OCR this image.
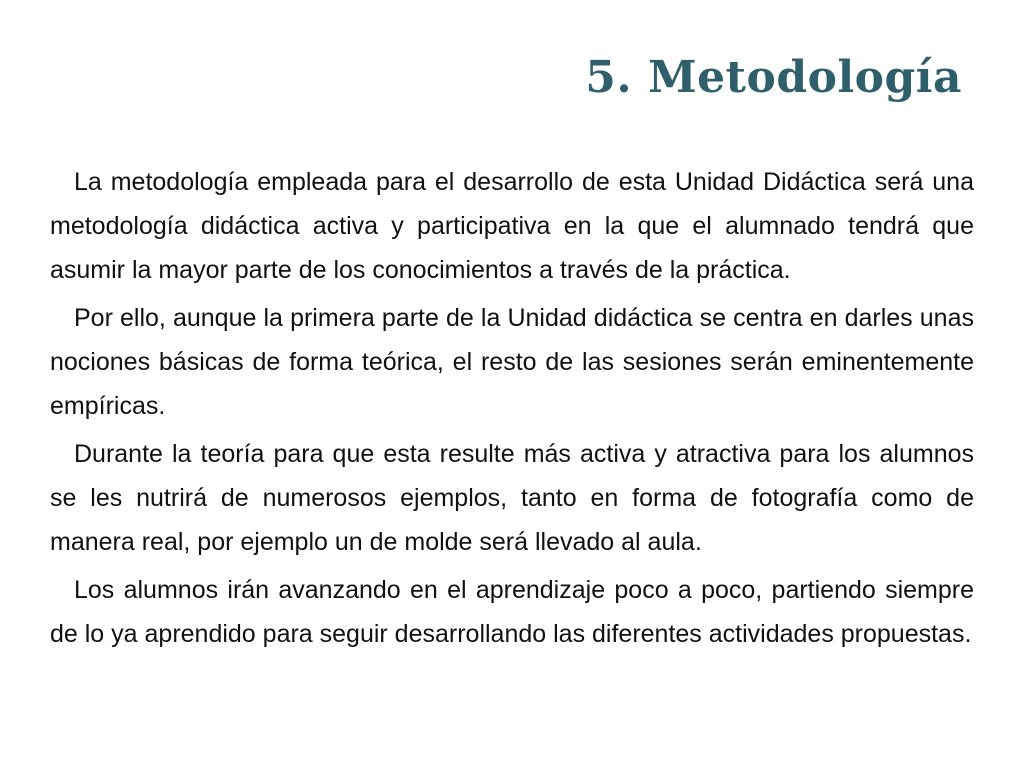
5. Metodología

La metodología empleada para el desarrollo de esta Unidad Didáctica será una metodología didáctica activa y participativa en la que el alumnado tendrá que asumir la mayor parte de los conocimientos a través de la práctica.

Por ello, aunque la primera parte de la Unidad didáctica se centra en darles unas nociones básicas de forma teórica, el resto de las sesiones serán eminentemente empíricas.

Durante la teoría para que esta resulte más activa y atractiva para los alumnos se les nutrirá de numerosos ejemplos, tanto en forma de fotografía como de manera real, por ejemplo un de molde será llevado al aula.

Los alumnos irán avanzando en el aprendizaje poco a poco, partiendo siempre de lo ya aprendido para seguir desarrollando las diferentes actividades propuestas.
